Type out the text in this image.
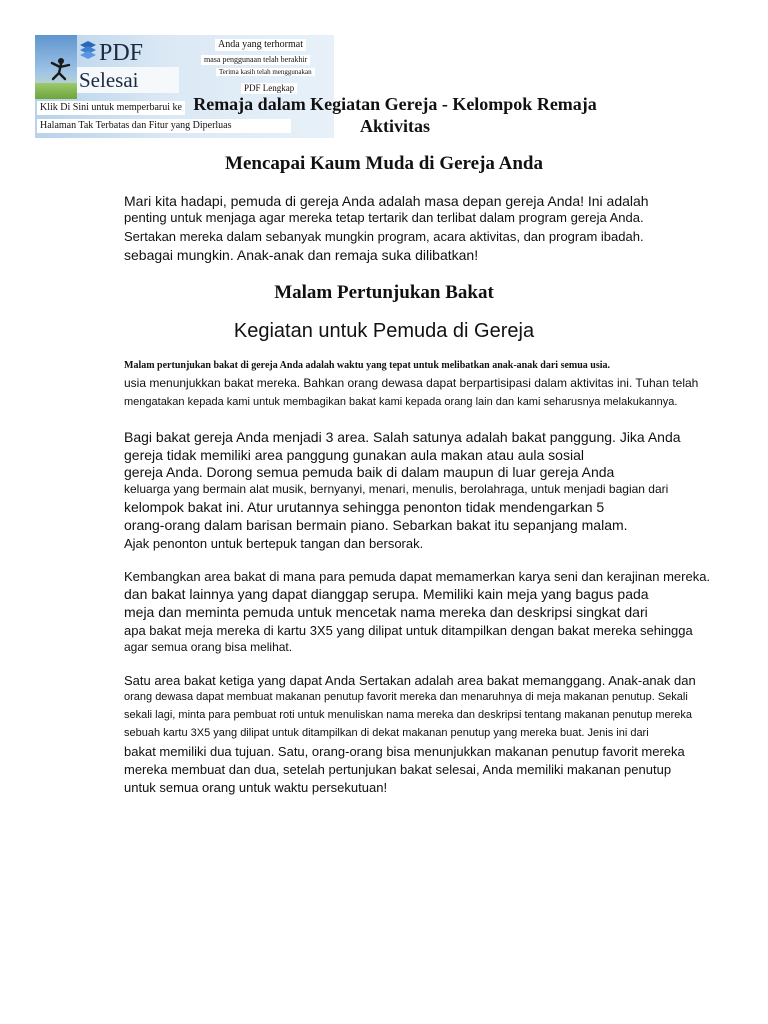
PDF
Selesai
Anda yang terhormat
masa penggunaan telah berakhir
Terima kasih telah menggunakan
PDF Lengkap
Klik Di Sini untuk memperbarui ke
Halaman Tak Terbatas dan Fitur yang Diperluas
Remaja dalam Kegiatan Gereja - Kelompok Remaja
Aktivitas
Mencapai Kaum Muda di Gereja Anda

Mari kita hadapi, pemuda di gereja Anda adalah masa depan gereja Anda! Ini adalah

penting untuk menjaga agar mereka tetap tertarik dan terlibat dalam program gereja Anda.

Sertakan mereka dalam sebanyak mungkin program, acara aktivitas, dan program ibadah.

sebagai mungkin. Anak-anak dan remaja suka dilibatkan!

Malam Pertunjukan Bakat
Kegiatan untuk Pemuda di Gereja

Malam pertunjukan bakat di gereja Anda adalah waktu yang tepat untuk melibatkan anak-anak dari semua usia.

usia menunjukkan bakat mereka. Bahkan orang dewasa dapat berpartisipasi dalam aktivitas ini. Tuhan telah

mengatakan kepada kami untuk membagikan bakat kami kepada orang lain dan kami seharusnya melakukannya.

Bagi bakat gereja Anda menjadi 3 area. Salah satunya adalah bakat panggung. Jika Anda

gereja tidak memiliki area panggung gunakan aula makan atau aula sosial

gereja Anda. Dorong semua pemuda baik di dalam maupun di luar gereja Anda

keluarga yang bermain alat musik, bernyanyi, menari, menulis, berolahraga, untuk menjadi bagian dari

kelompok bakat ini. Atur urutannya sehingga penonton tidak mendengarkan 5

orang-orang dalam barisan bermain piano. Sebarkan bakat itu sepanjang malam.

Ajak penonton untuk bertepuk tangan dan bersorak.

Kembangkan area bakat di mana para pemuda dapat memamerkan karya seni dan kerajinan mereka.

dan bakat lainnya yang dapat dianggap serupa. Memiliki kain meja yang bagus pada

meja dan meminta pemuda untuk mencetak nama mereka dan deskripsi singkat dari

apa bakat meja mereka di kartu 3X5 yang dilipat untuk ditampilkan dengan bakat mereka sehingga

agar semua orang bisa melihat.

Satu area bakat ketiga yang dapat Anda Sertakan adalah area bakat memanggang. Anak-anak dan

orang dewasa dapat membuat makanan penutup favorit mereka dan menaruhnya di meja makanan penutup. Sekali

sekali lagi, minta para pembuat roti untuk menuliskan nama mereka dan deskripsi tentang makanan penutup mereka

sebuah kartu 3X5 yang dilipat untuk ditampilkan di dekat makanan penutup yang mereka buat. Jenis ini dari

bakat memiliki dua tujuan. Satu, orang-orang bisa menunjukkan makanan penutup favorit mereka

mereka membuat dan dua, setelah pertunjukan bakat selesai, Anda memiliki makanan penutup

untuk semua orang untuk waktu persekutuan!
